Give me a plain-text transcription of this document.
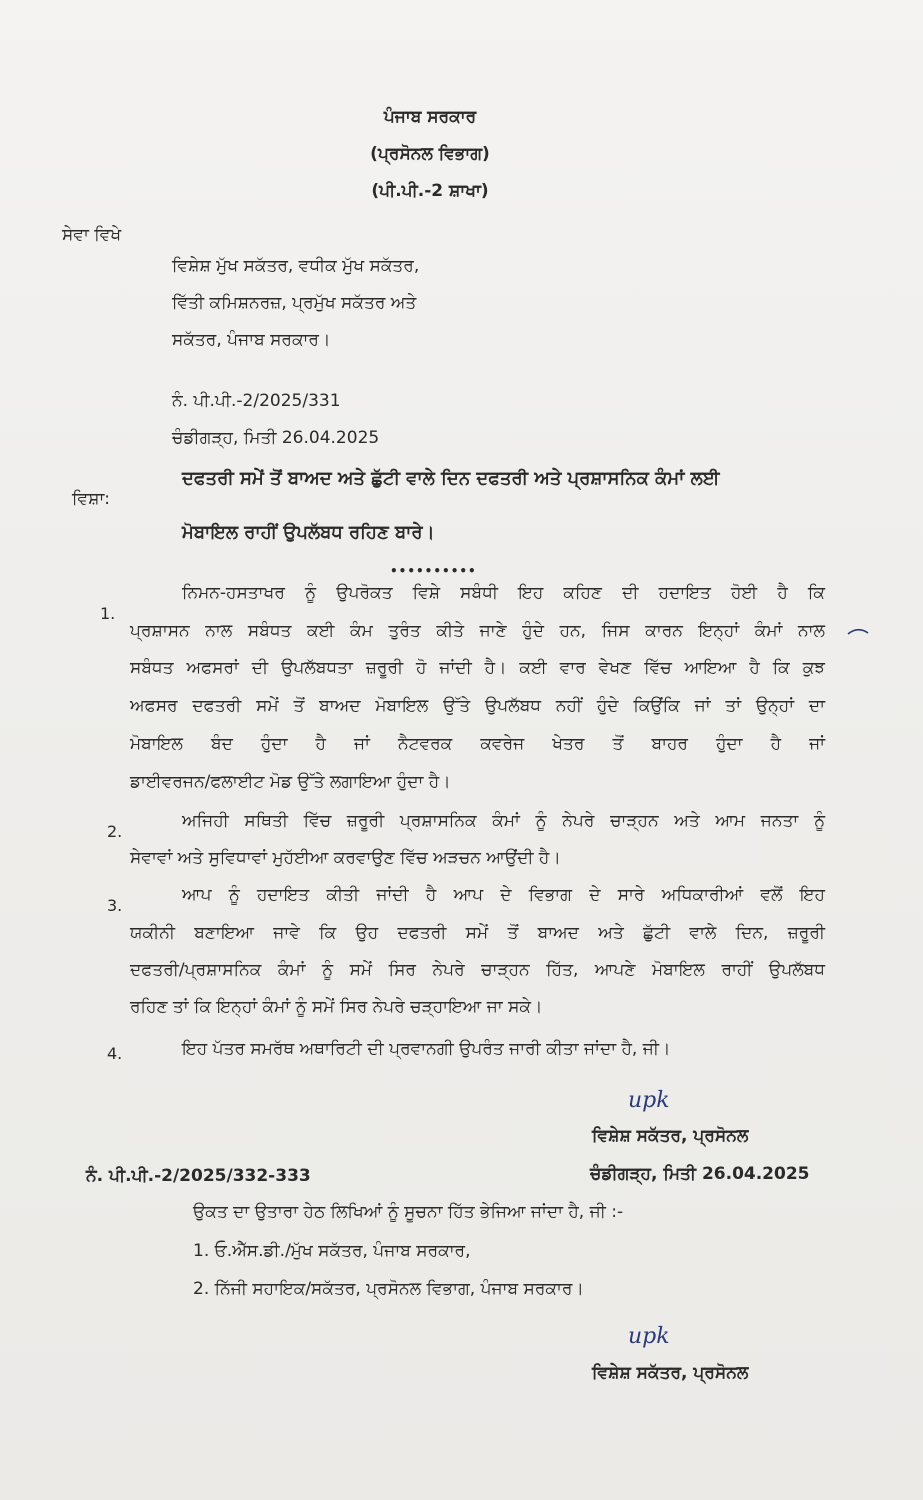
ਪੰਜਾਬ ਸਰਕਾਰ
(ਪ੍ਰਸੋਨਲ ਵਿਭਾਗ)
(ਪੀ.ਪੀ.-2 ਸ਼ਾਖਾ)
ਸੇਵਾ ਵਿਖੇ
ਵਿਸ਼ੇਸ਼ ਮੁੱਖ ਸਕੱਤਰ, ਵਧੀਕ ਮੁੱਖ ਸਕੱਤਰ,
ਵਿੱਤੀ ਕਮਿਸ਼ਨਰਜ਼, ਪ੍ਰਮੁੱਖ ਸਕੱਤਰ ਅਤੇ
ਸਕੱਤਰ, ਪੰਜਾਬ ਸਰਕਾਰ।
ਨੰ. ਪੀ.ਪੀ.-2/2025/331
ਚੰਡੀਗੜ੍ਹ, ਮਿਤੀ 26.04.2025
ਵਿਸ਼ਾ:
ਦਫਤਰੀ ਸਮੇਂ ਤੋਂ ਬਾਅਦ ਅਤੇ ਛੁੱਟੀ ਵਾਲੇ ਦਿਨ ਦਫਤਰੀ ਅਤੇ ਪ੍ਰਸ਼ਾਸਨਿਕ ਕੰਮਾਂ ਲਈ
ਮੋਬਾਇਲ ਰਾਹੀਂ ਉਪਲੱਬਧ ਰਹਿਣ ਬਾਰੇ।
••••••••••
1.
ਨਿਮਨ-ਹਸਤਾਖਰ ਨੂੰ ਉਪਰੋਕਤ ਵਿਸ਼ੇ ਸਬੰਧੀ ਇਹ ਕਹਿਣ ਦੀ ਹਦਾਇਤ ਹੋਈ ਹੈ ਕਿ
ਪ੍ਰਸ਼ਾਸਨ ਨਾਲ ਸਬੰਧਤ ਕਈ ਕੰਮ ਤੁਰੰਤ ਕੀਤੇ ਜਾਣੇ ਹੁੰਦੇ ਹਨ, ਜਿਸ ਕਾਰਨ ਇਨ੍ਹਾਂ ਕੰਮਾਂ ਨਾਲ
ਸਬੰਧਤ ਅਫਸਰਾਂ ਦੀ ਉਪਲੱਬਧਤਾ ਜ਼ਰੂਰੀ ਹੋ ਜਾਂਦੀ ਹੈ। ਕਈ ਵਾਰ ਵੇਖਣ ਵਿੱਚ ਆਇਆ ਹੈ ਕਿ ਕੁਝ
ਅਫਸਰ ਦਫਤਰੀ ਸਮੇਂ ਤੋਂ ਬਾਅਦ ਮੋਬਾਇਲ ਉੱਤੇ ਉਪਲੱਬਧ ਨਹੀਂ ਹੁੰਦੇ ਕਿਉਂਕਿ ਜਾਂ ਤਾਂ ਉਨ੍ਹਾਂ ਦਾ
ਮੋਬਾਇਲ ਬੰਦ ਹੁੰਦਾ ਹੈ ਜਾਂ ਨੈਟਵਰਕ ਕਵਰੇਜ ਖੇਤਰ ਤੋਂ ਬਾਹਰ ਹੁੰਦਾ ਹੈ ਜਾਂ
ਡਾਈਵਰਜਨ/ਫਲਾਈਟ ਮੋਡ ਉੱਤੇ ਲਗਾਇਆ ਹੁੰਦਾ ਹੈ।
2.
ਅਜਿਹੀ ਸਥਿਤੀ ਵਿੱਚ ਜ਼ਰੂਰੀ ਪ੍ਰਸ਼ਾਸਨਿਕ ਕੰਮਾਂ ਨੂੰ ਨੇਪਰੇ ਚਾੜ੍ਹਨ ਅਤੇ ਆਮ ਜਨਤਾ ਨੂੰ
ਸੇਵਾਵਾਂ ਅਤੇ ਸੁਵਿਧਾਵਾਂ ਮੁਹੱਈਆ ਕਰਵਾਉਣ ਵਿੱਚ ਅੜਚਨ ਆਉਂਦੀ ਹੈ।
3.
ਆਪ ਨੂੰ ਹਦਾਇਤ ਕੀਤੀ ਜਾਂਦੀ ਹੈ ਆਪ ਦੇ ਵਿਭਾਗ ਦੇ ਸਾਰੇ ਅਧਿਕਾਰੀਆਂ ਵਲੋਂ ਇਹ
ਯਕੀਨੀ ਬਣਾਇਆ ਜਾਵੇ ਕਿ ਉਹ ਦਫਤਰੀ ਸਮੇਂ ਤੋਂ ਬਾਅਦ ਅਤੇ ਛੁੱਟੀ ਵਾਲੇ ਦਿਨ, ਜ਼ਰੂਰੀ
ਦਫਤਰੀ/ਪ੍ਰਸ਼ਾਸਨਿਕ ਕੰਮਾਂ ਨੂੰ ਸਮੇਂ ਸਿਰ ਨੇਪਰੇ ਚਾੜ੍ਹਨ ਹਿੱਤ, ਆਪਣੇ ਮੋਬਾਇਲ ਰਾਹੀਂ ਉਪਲੱਬਧ
ਰਹਿਣ ਤਾਂ ਕਿ ਇਨ੍ਹਾਂ ਕੰਮਾਂ ਨੂੰ ਸਮੇਂ ਸਿਰ ਨੇਪਰੇ ਚੜ੍ਹਾਇਆ ਜਾ ਸਕੇ।
4.	ਇਹ ਪੱਤਰ ਸਮਰੱਥ ਅਥਾਰਿਟੀ ਦੀ ਪ੍ਰਵਾਨਗੀ ਉਪਰੰਤ ਜਾਰੀ ਕੀਤਾ ਜਾਂਦਾ ਹੈ, ਜੀ।
upk
ਵਿਸ਼ੇਸ਼ ਸਕੱਤਰ, ਪ੍ਰਸੋਨਲ
ਨੰ. ਪੀ.ਪੀ.-2/2025/332-333	ਚੰਡੀਗੜ੍ਹ, ਮਿਤੀ 26.04.2025
ਉਕਤ ਦਾ ਉਤਾਰਾ ਹੇਠ ਲਿਖਿਆਂ ਨੂੰ ਸੂਚਨਾ ਹਿੱਤ ਭੇਜਿਆ ਜਾਂਦਾ ਹੈ, ਜੀ :-
1. ਓ.ਐੱਸ.ਡੀ./ਮੁੱਖ ਸਕੱਤਰ, ਪੰਜਾਬ ਸਰਕਾਰ,
2. ਨਿੱਜੀ ਸਹਾਇਕ/ਸਕੱਤਰ, ਪ੍ਰਸੋਨਲ ਵਿਭਾਗ, ਪੰਜਾਬ ਸਰਕਾਰ।
upk
ਵਿਸ਼ੇਸ਼ ਸਕੱਤਰ, ਪ੍ਰਸੋਨਲ
